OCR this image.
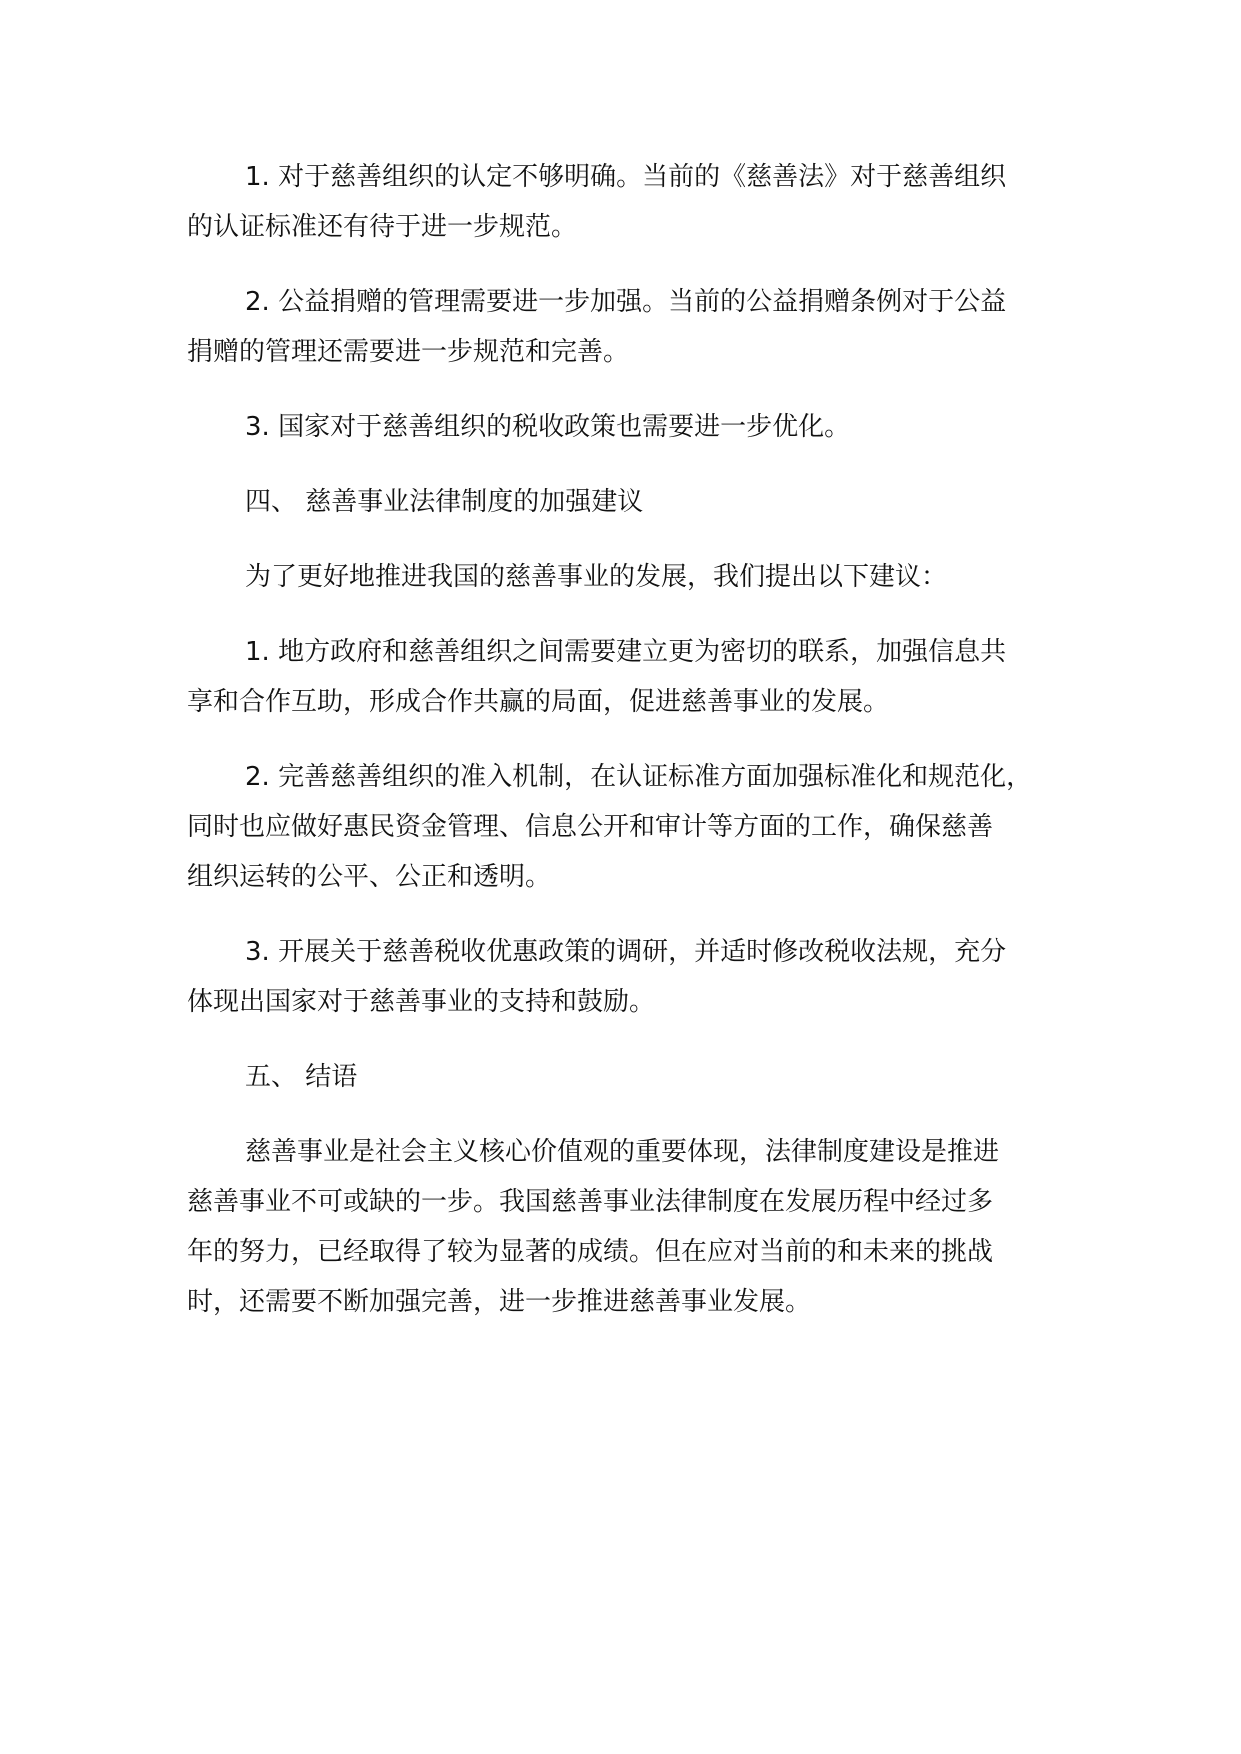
1. 对于慈善组织的认定不够明确。当前的《慈善法》对于慈善组织
的认证标准还有待于进一步规范。

2. 公益捐赠的管理需要进一步加强。当前的公益捐赠条例对于公益
捐赠的管理还需要进一步规范和完善。

3. 国家对于慈善组织的税收政策也需要进一步优化。

四、 慈善事业法律制度的加强建议

为了更好地推进我国的慈善事业的发展，我们提出以下建议：

1. 地方政府和慈善组织之间需要建立更为密切的联系，加强信息共
享和合作互助，形成合作共赢的局面，促进慈善事业的发展。

2. 完善慈善组织的准入机制，在认证标准方面加强标准化和规范化，
同时也应做好惠民资金管理、信息公开和审计等方面的工作，确保慈善
组织运转的公平、公正和透明。

3. 开展关于慈善税收优惠政策的调研，并适时修改税收法规，充分
体现出国家对于慈善事业的支持和鼓励。

五、 结语

慈善事业是社会主义核心价值观的重要体现，法律制度建设是推进
慈善事业不可或缺的一步。我国慈善事业法律制度在发展历程中经过多
年的努力，已经取得了较为显著的成绩。但在应对当前的和未来的挑战
时，还需要不断加强完善，进一步推进慈善事业发展。
